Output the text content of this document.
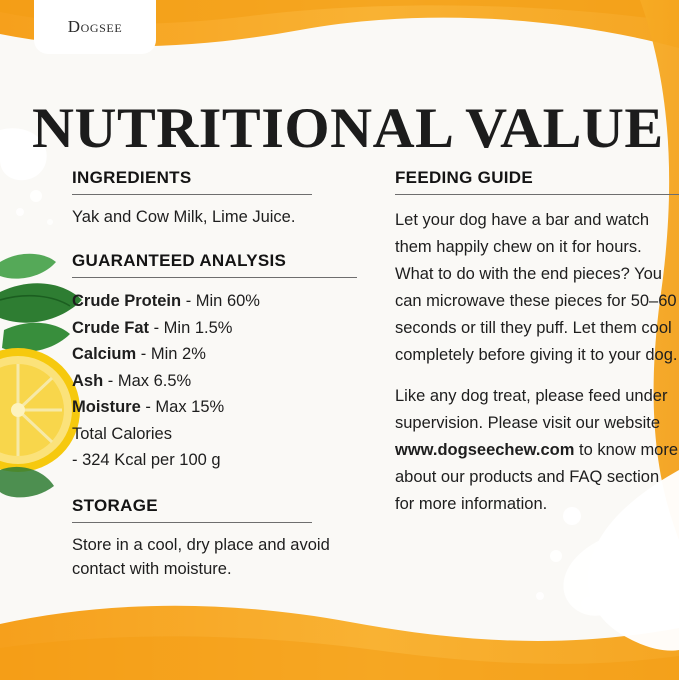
Dogsee
NUTRITIONAL VALUE
INGREDIENTS
Yak and Cow Milk, Lime Juice.
GUARANTEED ANALYSIS
Crude Protein - Min 60%
Crude Fat - Min 1.5%
Calcium - Min 2%
Ash - Max 6.5%
Moisture - Max 15%
Total Calories
- 324 Kcal per 100 g
STORAGE
Store in a cool, dry place and avoid contact with moisture.
FEEDING GUIDE

Let your dog have a bar and watch them happily chew on it for hours. What to do with the end pieces? You can microwave these pieces for 50–60 seconds or till they puff. Let them cool completely before giving it to your dog.

Like any dog treat, please feed under supervision. Please visit our website www.dogseechew.com to know more about our products and FAQ section for more information.
